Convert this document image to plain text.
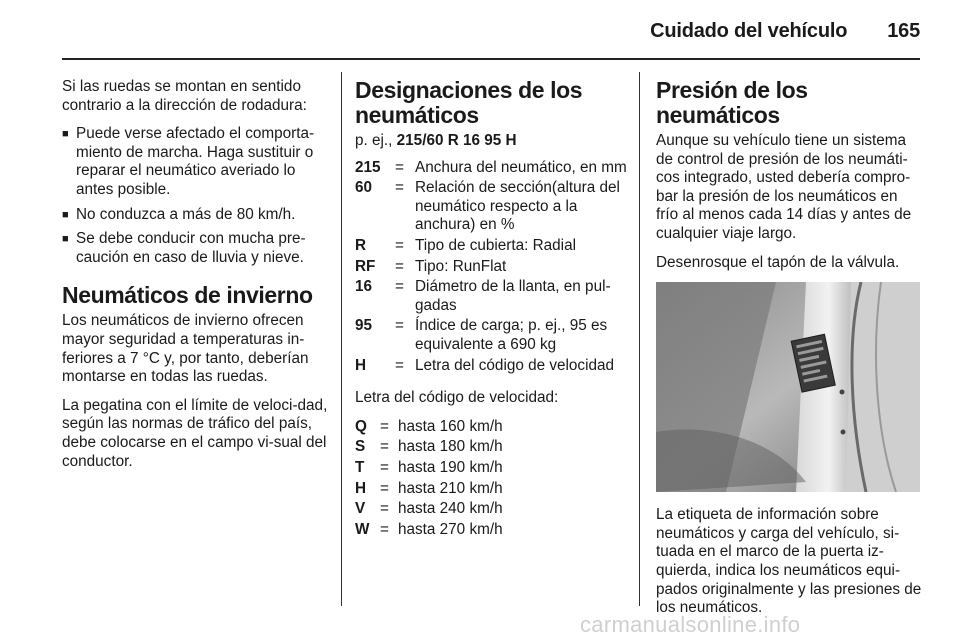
Cuidado del vehículo 165

Si las ruedas se montan en sentido contrario a la dirección de rodadura:

■ Puede verse afectado el comporta-miento de marcha. Haga sustituir o reparar el neumático averiado lo antes posible.
■ No conduzca a más de 80 km/h.
■ Se debe conducir con mucha pre-caución en caso de lluvia y nieve.
Neumáticos de invierno

Los neumáticos de invierno ofrecen mayor seguridad a temperaturas in-feriores a 7 °C y, por tanto, deberían montarse en todas las ruedas.

La pegatina con el límite de veloci-dad, según las normas de tráfico del país, debe colocarse en el campo vi-sual del conductor.

Designaciones de los neumáticos

p. ej., 215/60 R 16 95 H

215 = Anchura del neumático, en mm
60	= Relación de sección(altura del neumático respecto a la anchura) en %
R	= Tipo de cubierta: Radial
RF	= Tipo: RunFlat
16	= Diámetro de la llanta, en pul-gadas
95	= Índice de carga; p. ej., 95 es equivalente a 690 kg
H	= Letra del código de velocidad

Letra del código de velocidad:

Q = hasta 160 km/h
S = hasta 180 km/h
T	= hasta 190 km/h
H = hasta 210 km/h
V = hasta 240 km/h
W = hasta 270 km/h
Presión de los neumáticos

Aunque su vehículo tiene un sistema de control de presión de los neumáti-cos integrado, usted debería compro-bar la presión de los neumáticos en frío al menos cada 14 días y antes de cualquier viaje largo.

Desenrosque el tapón de la válvula.

La etiqueta de información sobre neumáticos y carga del vehículo, si-tuada en el marco de la puerta iz-quierda, indica los neumáticos equi-pados originalmente y las presiones de los neumáticos.

carmanualsonline.info
